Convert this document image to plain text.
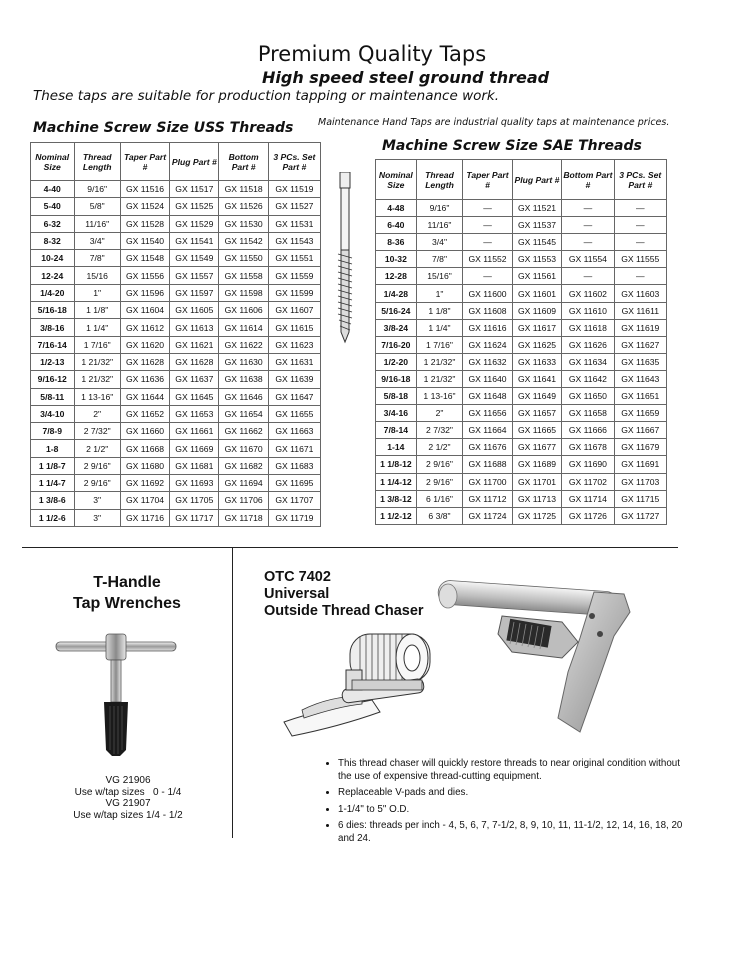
Premium Quality Taps
High speed steel ground thread
These taps are suitable for production tapping or maintenance work.
Maintenance Hand Taps are industrial quality taps at maintenance prices.
Machine Screw Size USS Threads
Nominal Size	Thread Length	Taper Part #	Plug Part #	Bottom Part #	3 PCs. Set Part #
4-40	9/16"	GX 11516	GX 11517	GX 11518	GX 11519
5-40	5/8"	GX 11524	GX 11525	GX 11526	GX 11527
6-32	11/16"	GX 11528	GX 11529	GX 11530	GX 11531
8-32	3/4"	GX 11540	GX 11541	GX 11542	GX 11543
10-24	7/8"	GX 11548	GX 11549	GX 11550	GX 11551
12-24	15/16	GX 11556	GX 11557	GX 11558	GX 11559
1/4-20	1"	GX 11596	GX 11597	GX 11598	GX 11599
5/16-18	1 1/8"	GX 11604	GX 11605	GX 11606	GX 11607
3/8-16	1 1/4"	GX 11612	GX 11613	GX 11614	GX 11615
7/16-14	1 7/16"	GX 11620	GX 11621	GX 11622	GX 11623
1/2-13	1 21/32"	GX 11628	GX 11628	GX 11630	GX 11631
9/16-12	1 21/32"	GX 11636	GX 11637	GX 11638	GX 11639
5/8-11	1 13-16"	GX 11644	GX 11645	GX 11646	GX 11647
3/4-10	2"	GX 11652	GX 11653	GX 11654	GX 11655
7/8-9	2 7/32"	GX 11660	GX 11661	GX 11662	GX 11663
1-8	2 1/2"	GX 11668	GX 11669	GX 11670	GX 11671
1 1/8-7	2 9/16"	GX 11680	GX 11681	GX 11682	GX 11683
1 1/4-7	2 9/16"	GX 11692	GX 11693	GX 11694	GX 11695
1 3/8-6	3"	GX 11704	GX 11705	GX 11706	GX 11707
1 1/2-6	3"	GX 11716	GX 11717	GX 11718	GX 11719
Machine Screw Size SAE Threads
Nominal Size	Thread Length	Taper Part #	Plug Part #	Bottom Part #	3 PCs. Set Part #
4-48	9/16"	—	GX 11521	—	—
6-40	11/16"	—	GX 11537	—	—
8-36	3/4"	—	GX 11545	—	—
10-32	7/8"	GX 11552	GX 11553	GX 11554	GX 11555
12-28	15/16"	—	GX 11561	—	—
1/4-28	1"	GX 11600	GX 11601	GX 11602	GX 11603
5/16-24	1 1/8"	GX 11608	GX 11609	GX 11610	GX 11611
3/8-24	1 1/4"	GX 11616	GX 11617	GX 11618	GX 11619
7/16-20	1 7/16"	GX 11624	GX 11625	GX 11626	GX 11627
1/2-20	1 21/32"	GX 11632	GX 11633	GX 11634	GX 11635
9/16-18	1 21/32"	GX 11640	GX 11641	GX 11642	GX 11643
5/8-18	1 13-16"	GX 11648	GX 11649	GX 11650	GX 11651
3/4-16	2"	GX 11656	GX 11657	GX 11658	GX 11659
7/8-14	2 7/32"	GX 11664	GX 11665	GX 11666	GX 11667
1-14	2 1/2"	GX 11676	GX 11677	GX 11678	GX 11679
1 1/8-12	2 9/16"	GX 11688	GX 11689	GX 11690	GX 11691
1 1/4-12	2 9/16"	GX 11700	GX 11701	GX 11702	GX 11703
1 3/8-12	6 1/16"	GX 11712	GX 11713	GX 11714	GX 11715
1 1/2-12	6 3/8"	GX 11724	GX 11725	GX 11726	GX 11727
T-Handle
Tap Wrenches
VG 21906
Use w/tap sizes   0 - 1/4
VG 21907
Use w/tap sizes 1/4 - 1/2
OTC 7402
Universal
Outside Thread Chaser
• This thread chaser will quickly restore threads to near original condition without the use of expensive thread-cutting equipment.
• Replaceable V-pads and dies.
• 1-1/4" to 5" O.D.
• 6 dies: threads per inch - 4, 5, 6, 7, 7-1/2, 8, 9, 10, 11, 11-1/2, 12, 14, 16, 18, 20 and 24.
